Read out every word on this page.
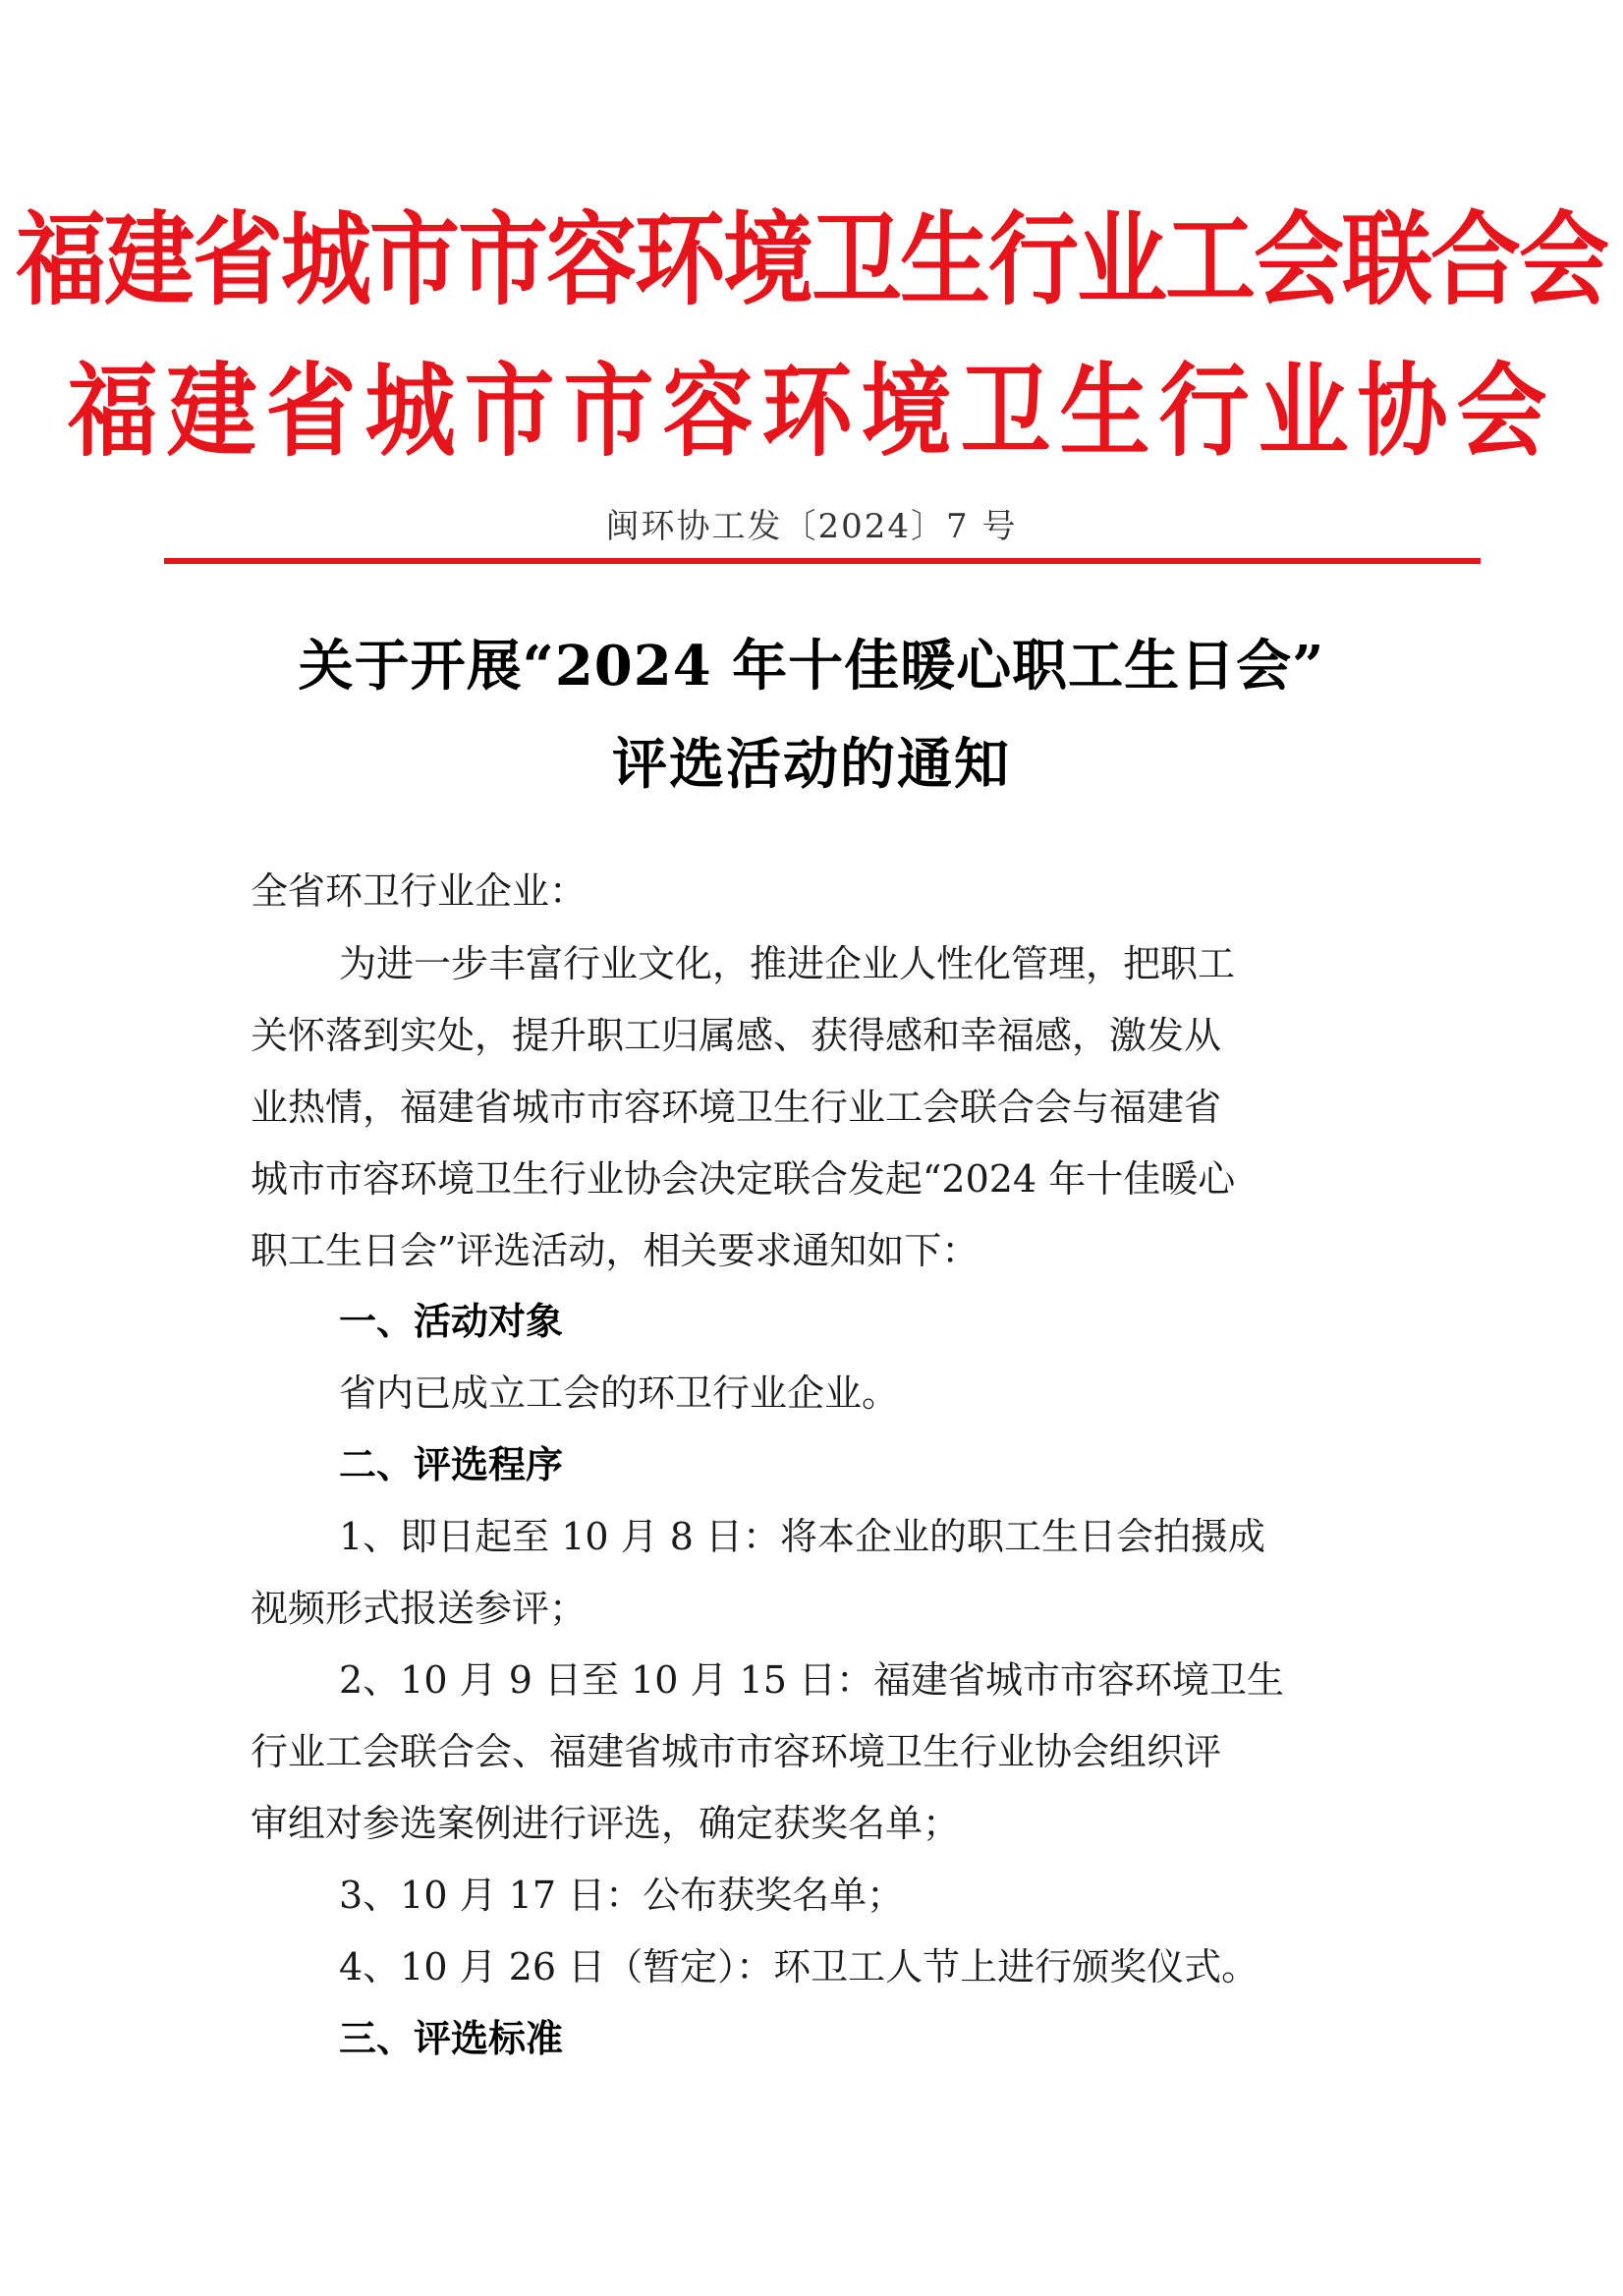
福建省城市市容环境卫生行业工会联合会
福建省城市市容环境卫生行业协会
闽环协工发〔2024〕7 号
关于开展“2024 年十佳暖心职工生日会”
评选活动的通知
全省环卫行业企业：
为进一步丰富行业文化，推进企业人性化管理，把职工
关怀落到实处，提升职工归属感、获得感和幸福感，激发从
业热情，福建省城市市容环境卫生行业工会联合会与福建省
城市市容环境卫生行业协会决定联合发起“2024 年十佳暖心
职工生日会”评选活动，相关要求通知如下：
一、活动对象
省内已成立工会的环卫行业企业。
二、评选程序
1、即日起至 10 月 8 日：将本企业的职工生日会拍摄成
视频形式报送参评；
2、10 月 9 日至 10 月 15 日：福建省城市市容环境卫生
行业工会联合会、福建省城市市容环境卫生行业协会组织评
审组对参选案例进行评选，确定获奖名单；
3、10 月 17 日：公布获奖名单；
4、10 月 26 日（暂定）：环卫工人节上进行颁奖仪式。
三、评选标准
